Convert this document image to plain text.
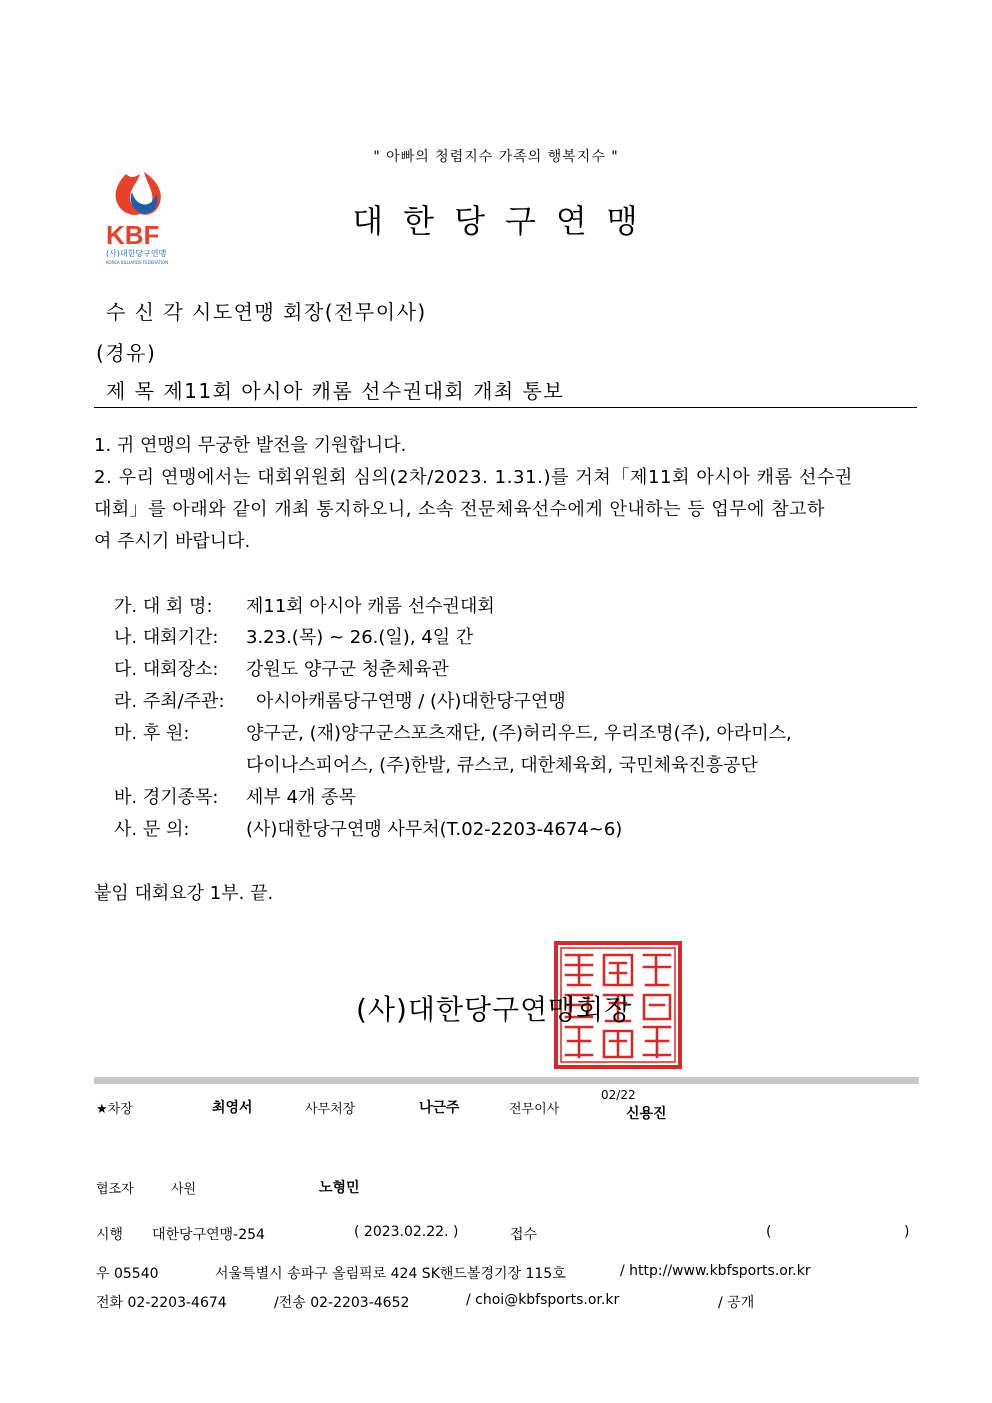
" 아빠의 청렴지수 가족의 행복지수 "
KBF
(사)대한당구연맹
KOREA BILLIARDS FEDERATION
대한당구연맹
수 신 각 시도연맹 회장(전무이사)
(경유)
제 목 제11회 아시아 캐롬 선수권대회 개최 통보
1. 귀 연맹의 무궁한 발전을 기원합니다.
2. 우리 연맹에서는 대회위원회 심의(2차/2023. 1.31.)를 거쳐「제11회 아시아 캐롬 선수권
대회」를 아래와 같이 개최 통지하오니, 소속 전문체육선수에게 안내하는 등 업무에 참고하
여 주시기 바랍니다.
가. 대 회 명: 제11회 아시아 캐롬 선수권대회
나. 대회기간: 3.23.(목) ~ 26.(일), 4일 간
다. 대회장소: 강원도 양구군 청춘체육관
라. 주최/주관: 아시아캐롬당구연맹 / (사)대한당구연맹
마. 후 원:	양구군, (재)양구군스포츠재단, (주)허리우드, 우리조명(주), 아라미스,
다이나스피어스, (주)한발, 큐스코, 대한체육회, 국민체육진흥공단
바. 경기종목: 세부 4개 종목
사. 문 의:	(사)대한당구연맹 사무처(T.02-2203-4674~6)
붙임 대회요강 1부. 끝.
(사)대한당구연맹회장
★차장	최영서	사무처장	나근주	전무이사
02/22
신용진
협조자	사원	노형민
시행 대한당구연맹-254	( 2023.02.22. )	접수	(	)
우 05540	서울특별시 송파구 올림픽로 424 SK핸드볼경기장 115호	/ http://www.kbfsports.or.kr
전화 02-2203-4674	/전송 02-2203-4652	/ choi@kbfsports.or.kr	/ 공개
